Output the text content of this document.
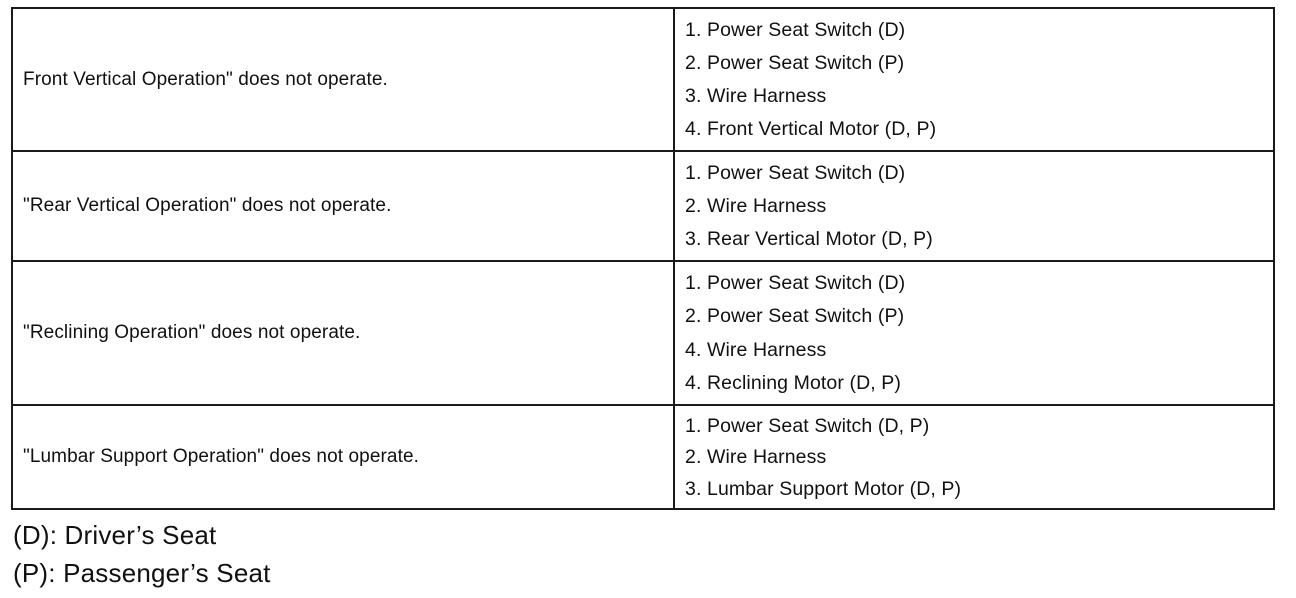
Front Vertical Operation" does not operate.
1. Power Seat Switch (D)
2. Power Seat Switch (P)
3. Wire Harness
4. Front Vertical Motor (D, P)
"Rear Vertical Operation" does not operate.
1. Power Seat Switch (D)
2. Wire Harness
3. Rear Vertical Motor (D, P)
"Reclining Operation" does not operate.
1. Power Seat Switch (D)
2. Power Seat Switch (P)
4. Wire Harness
4. Reclining Motor (D, P)
"Lumbar Support Operation" does not operate.
1. Power Seat Switch (D, P)
2. Wire Harness
3. Lumbar Support Motor (D, P)
(D): Driver’s Seat
(P): Passenger’s Seat
